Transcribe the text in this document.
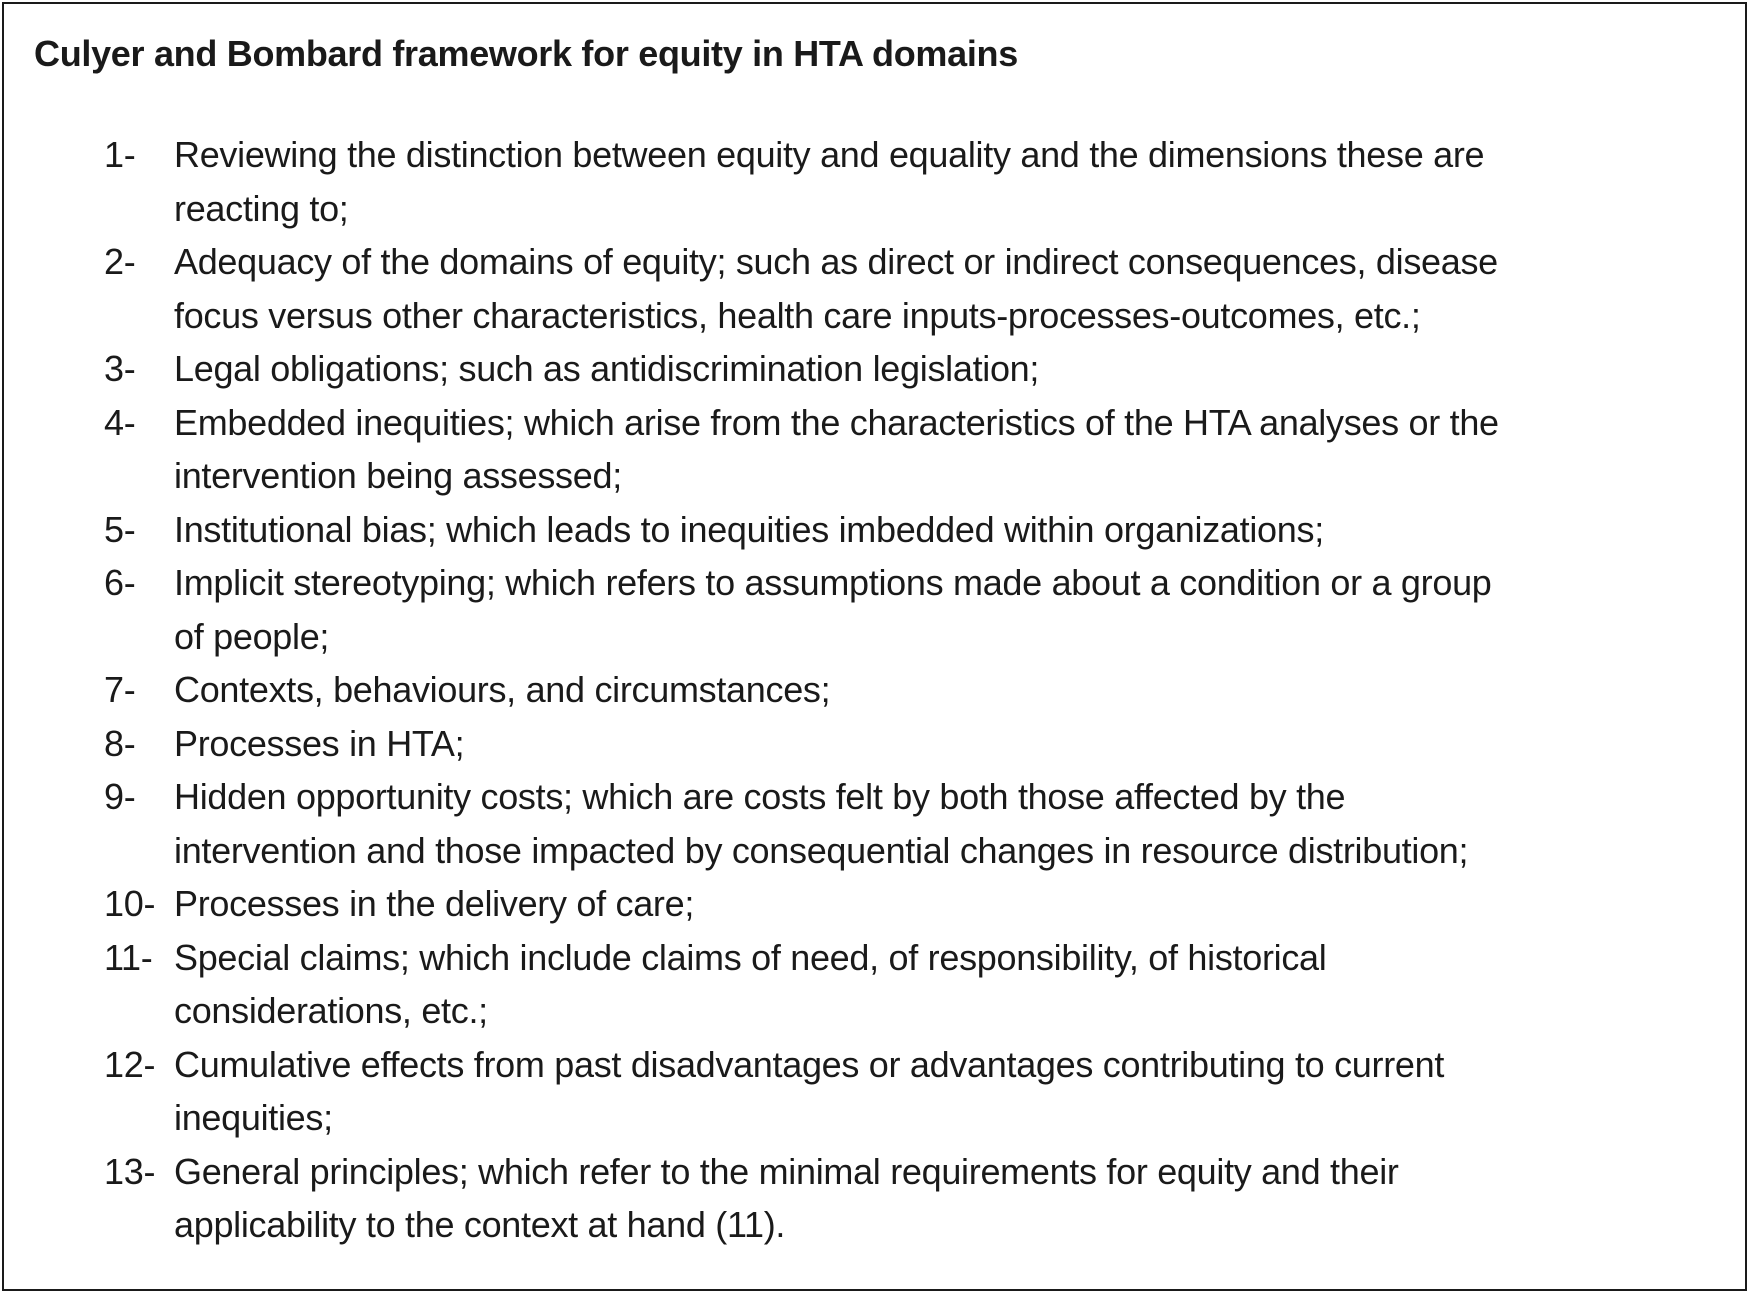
Culyer and Bombard framework for equity in HTA domains
1- Reviewing the distinction between equity and equality and the dimensions these are
reacting to;
2- Adequacy of the domains of equity; such as direct or indirect consequences, disease
focus versus other characteristics, health care inputs-processes-outcomes, etc.;
3- Legal obligations; such as antidiscrimination legislation;
4- Embedded inequities; which arise from the characteristics of the HTA analyses or the
intervention being assessed;
5- Institutional bias; which leads to inequities imbedded within organizations;
6- Implicit stereotyping; which refers to assumptions made about a condition or a group
of people;
7- Contexts, behaviours, and circumstances;
8- Processes in HTA;
9- Hidden opportunity costs; which are costs felt by both those affected by the
intervention and those impacted by consequential changes in resource distribution;
10- Processes in the delivery of care;
11- Special claims; which include claims of need, of responsibility, of historical
considerations, etc.;
12- Cumulative effects from past disadvantages or advantages contributing to current
inequities;
13- General principles; which refer to the minimal requirements for equity and their
applicability to the context at hand (11).
